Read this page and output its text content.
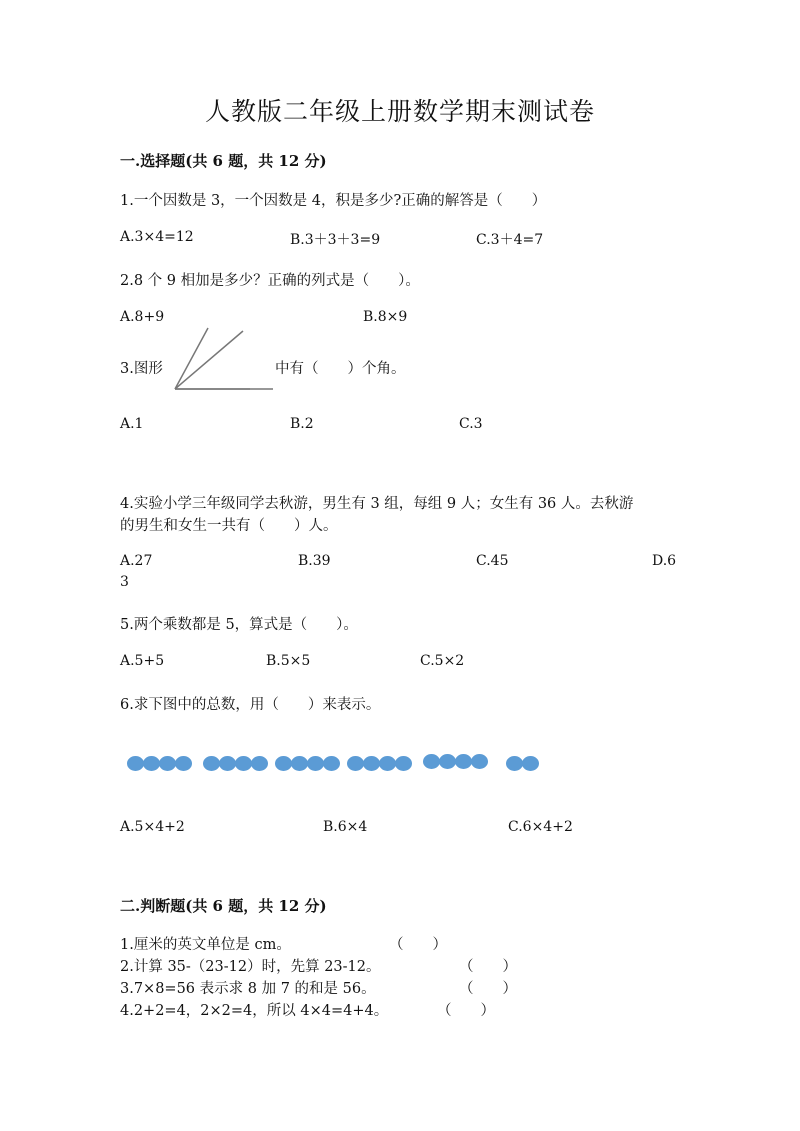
人教版二年级上册数学期末测试卷
一.选择题(共 6 题，共 12 分)
1.一个因数是 3，一个因数是 4，积是多少?正确的解答是（　　）
A.3×4=12	B.3＋3＋3=9	C.3＋4=7
2.8 个 9 相加是多少？正确的列式是（　　）。
A.8+9	B.8×9
3.图形	中有（　　）个角。
A.1	B.2	C.3
4.实验小学三年级同学去秋游，男生有 3 组，每组 9 人；女生有 36 人。去秋游
的男生和女生一共有（　　）人。
A.27	B.39	C.45	D.6
3
5.两个乘数都是 5，算式是（　　）。
A.5+5	B.5×5	C.5×2
6.求下图中的总数，用（　　）来表示。
A.5×4+2	B.6×4	C.6×4+2
二.判断题(共 6 题，共 12 分)
1.厘米的英文单位是 cm。	（　　）
2.计算 35-（23-12）时，先算 23-12。	（　　）
3.7×8=56 表示求 8 加 7 的和是 56。	（　　）
4.2+2=4，2×2=4，所以 4×4=4+4。	（　　）
